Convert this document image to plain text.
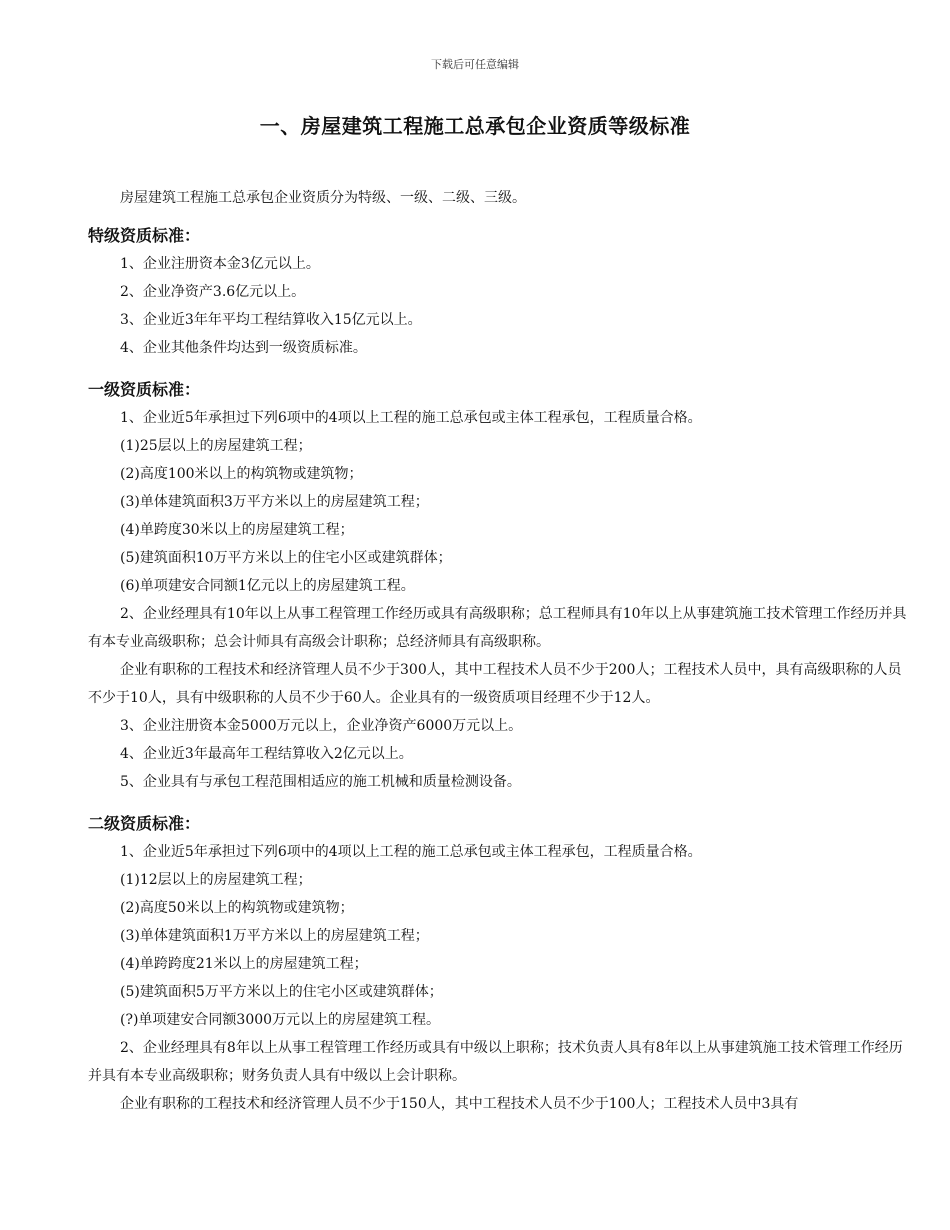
下载后可任意编辑
一、房屋建筑工程施工总承包企业资质等级标准

房屋建筑工程施工总承包企业资质分为特级、一级、二级、三级。

特级资质标准：

1、企业注册资本金3亿元以上。

2、企业净资产3.6亿元以上。

3、企业近3年年平均工程结算收入15亿元以上。

4、企业其他条件均达到一级资质标准。

一级资质标准：

1、企业近5年承担过下列6项中的4项以上工程的施工总承包或主体工程承包，工程质量合格。

(1)25层以上的房屋建筑工程；

(2)高度100米以上的构筑物或建筑物；

(3)单体建筑面积3万平方米以上的房屋建筑工程；

(4)单跨度30米以上的房屋建筑工程；

(5)建筑面积10万平方米以上的住宅小区或建筑群体；

(6)单项建安合同额1亿元以上的房屋建筑工程。

2、企业经理具有10年以上从事工程管理工作经历或具有高级职称；总工程师具有10年以上从事建筑施工技术管理工作经历并具有本专业高级职称；总会计师具有高级会计职称；总经济师具有高级职称。

企业有职称的工程技术和经济管理人员不少于300人，其中工程技术人员不少于200人；工程技术人员中，具有高级职称的人员不少于10人，具有中级职称的人员不少于60人。企业具有的一级资质项目经理不少于12人。

3、企业注册资本金5000万元以上，企业净资产6000万元以上。

4、企业近3年最高年工程结算收入2亿元以上。

5、企业具有与承包工程范围相适应的施工机械和质量检测设备。

二级资质标准：

1、企业近5年承担过下列6项中的4项以上工程的施工总承包或主体工程承包，工程质量合格。

(1)12层以上的房屋建筑工程；

(2)高度50米以上的构筑物或建筑物；

(3)单体建筑面积1万平方米以上的房屋建筑工程；

(4)单跨跨度21米以上的房屋建筑工程；

(5)建筑面积5万平方米以上的住宅小区或建筑群体；

(?)单项建安合同额3000万元以上的房屋建筑工程。

2、企业经理具有8年以上从事工程管理工作经历或具有中级以上职称；技术负责人具有8年以上从事建筑施工技术管理工作经历并具有本专业高级职称；财务负责人具有中级以上会计职称。

企业有职称的工程技术和经济管理人员不少于150人，其中工程技术人员不少于100人；工程技术人员中3具有
